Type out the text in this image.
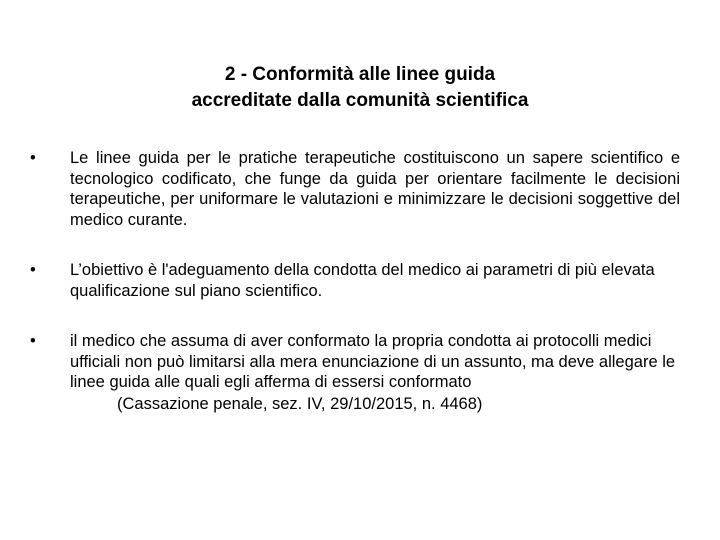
2 - Conformità alle linee guida
accreditate dalla comunità scientifica
•	Le linee guida per le pratiche terapeutiche costituiscono un sapere scientifico e tecnologico codificato, che funge da guida per orientare facilmente le decisioni terapeutiche, per uniformare le valutazioni e minimizzare le decisioni soggettive del medico curante.
•	L’obiettivo è l'adeguamento della condotta del medico ai parametri di più elevata qualificazione sul piano scientifico.
•	il medico che assuma di aver conformato la propria condotta ai protocolli medici ufficiali non può limitarsi alla mera enunciazione di un assunto, ma deve allegare le linee guida alle quali egli afferma di essersi conformato
(Cassazione penale, sez. IV, 29/10/2015, n. 4468)
